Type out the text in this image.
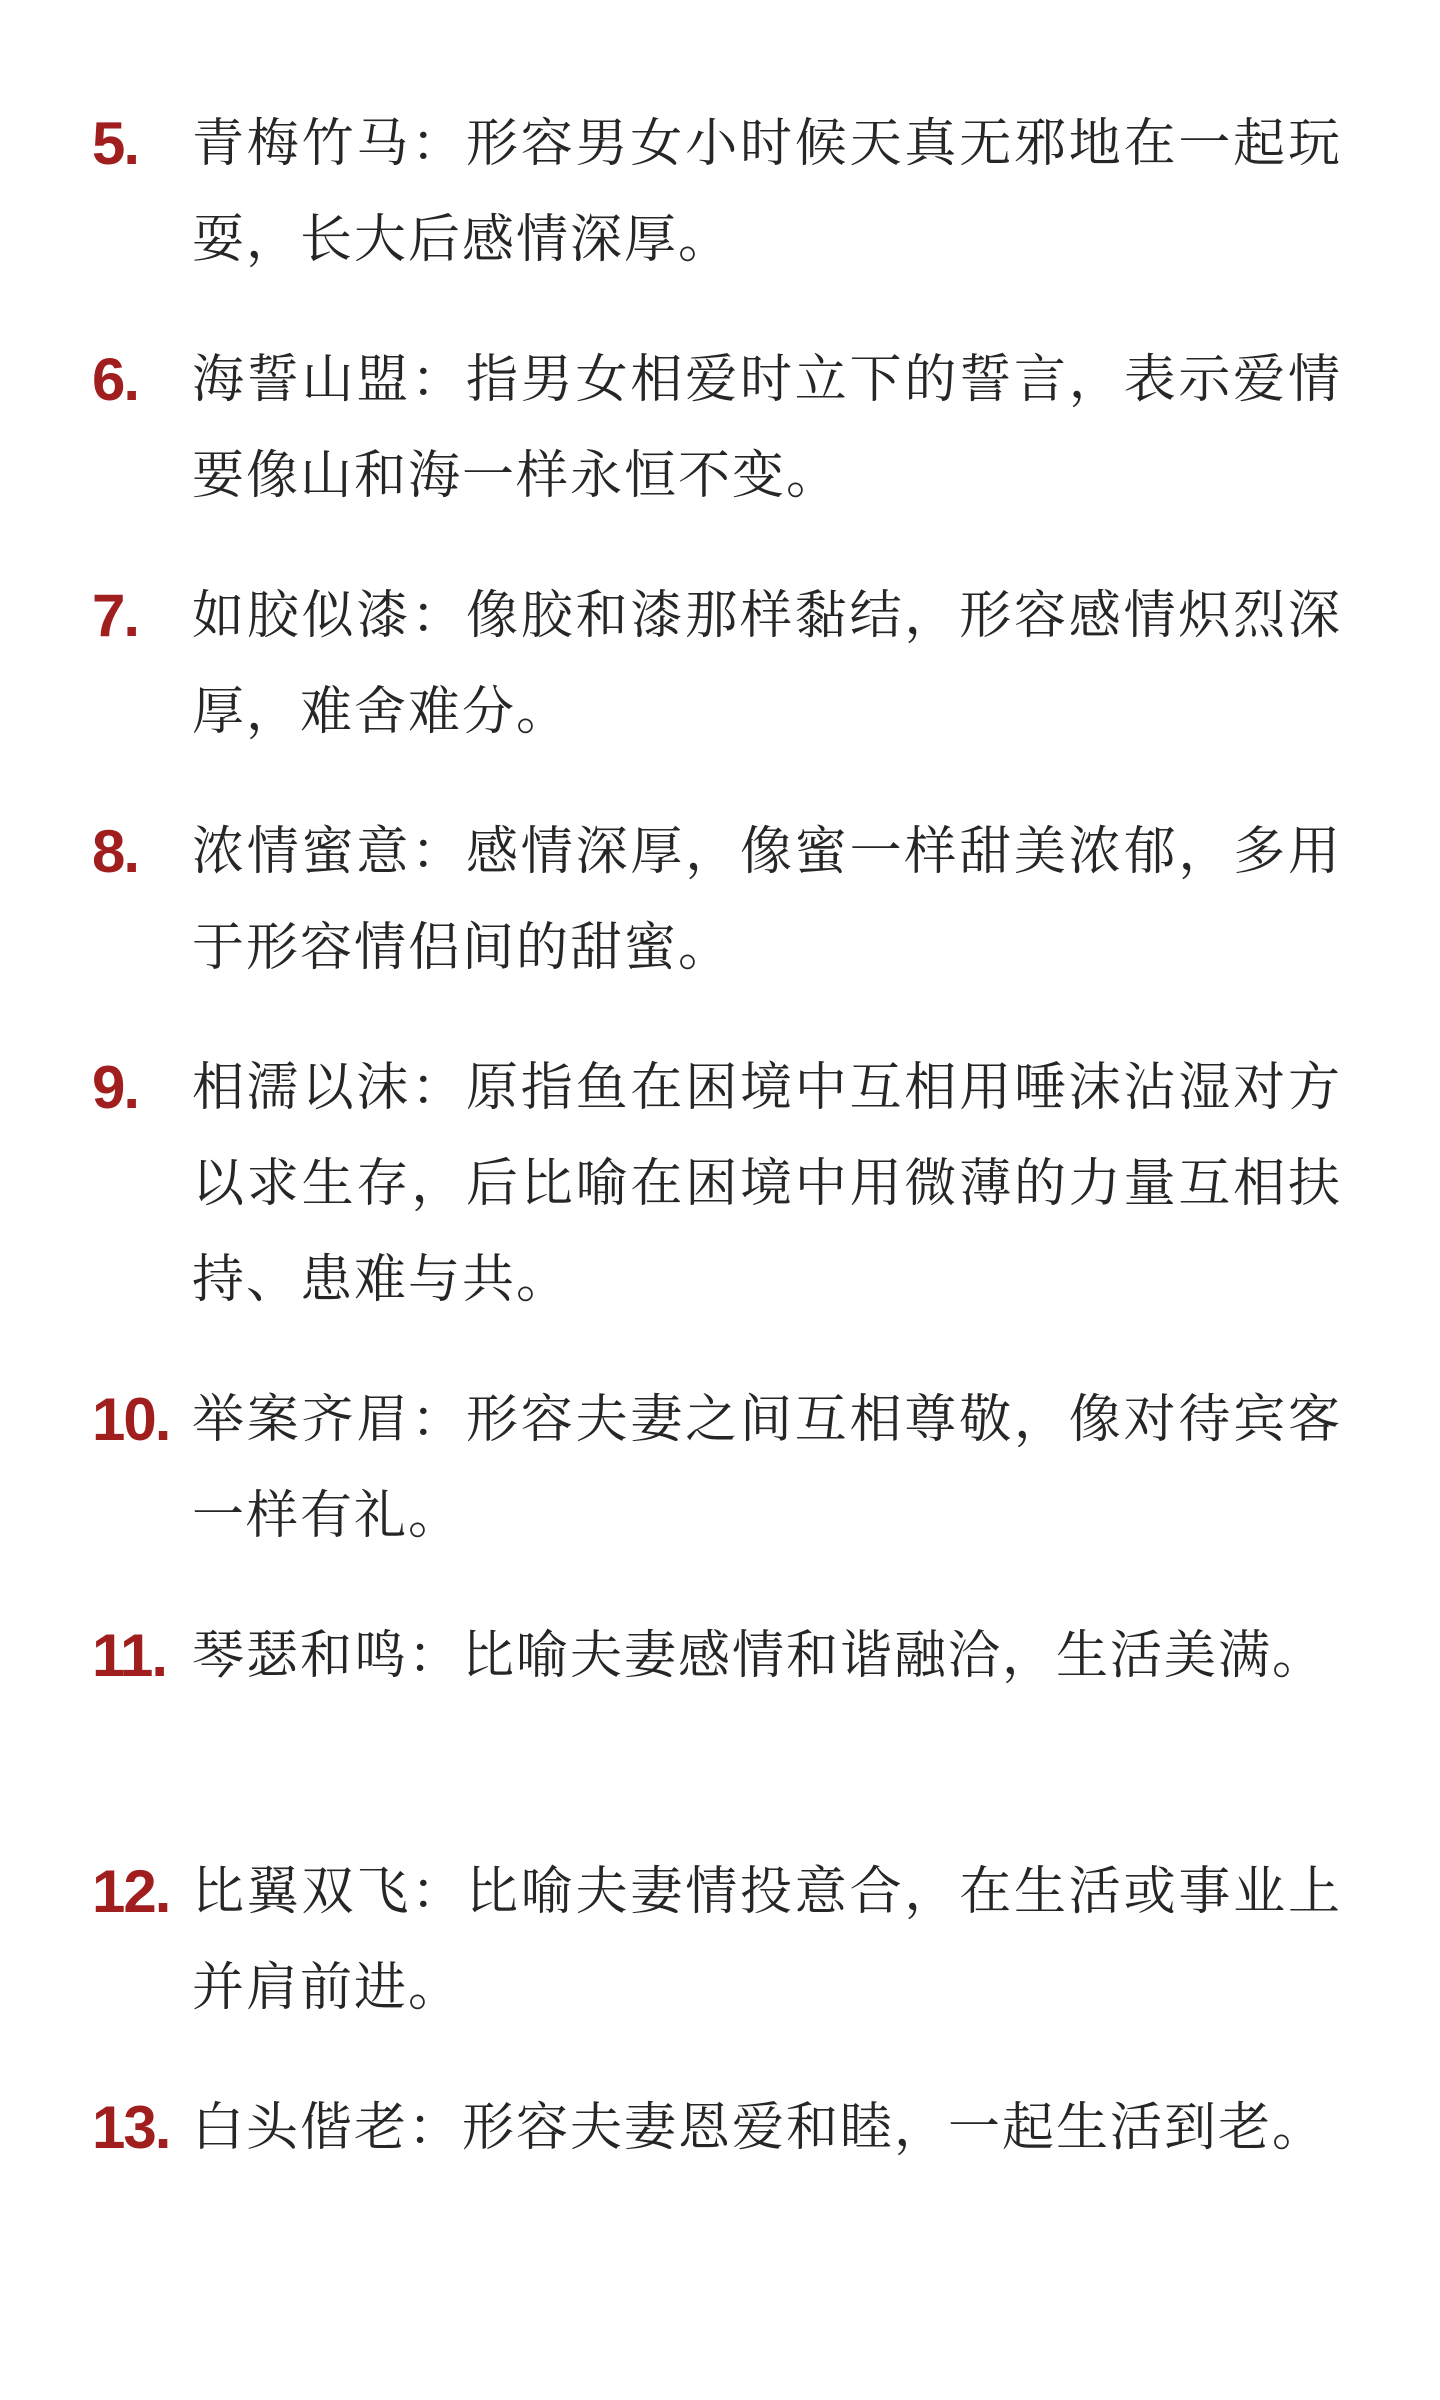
5. 青梅竹马：形容男女小时候天真无邪地在一起玩耍，长大后感情深厚。
6. 海誓山盟：指男女相爱时立下的誓言，表示爱情要像山和海一样永恒不变。
7. 如胶似漆：像胶和漆那样黏结，形容感情炽烈深厚，难舍难分。
8. 浓情蜜意：感情深厚，像蜜一样甜美浓郁，多用于形容情侣间的甜蜜。
9. 相濡以沫：原指鱼在困境中互相用唾沫沾湿对方以求生存，后比喻在困境中用微薄的力量互相扶持、患难与共。
10. 举案齐眉：形容夫妻之间互相尊敬，像对待宾客一样有礼。
11. 琴瑟和鸣：比喻夫妻感情和谐融洽，生活美满。
12. 比翼双飞：比喻夫妻情投意合，在生活或事业上并肩前进。
13. 白头偕老：形容夫妻恩爱和睦，一起生活到老。
